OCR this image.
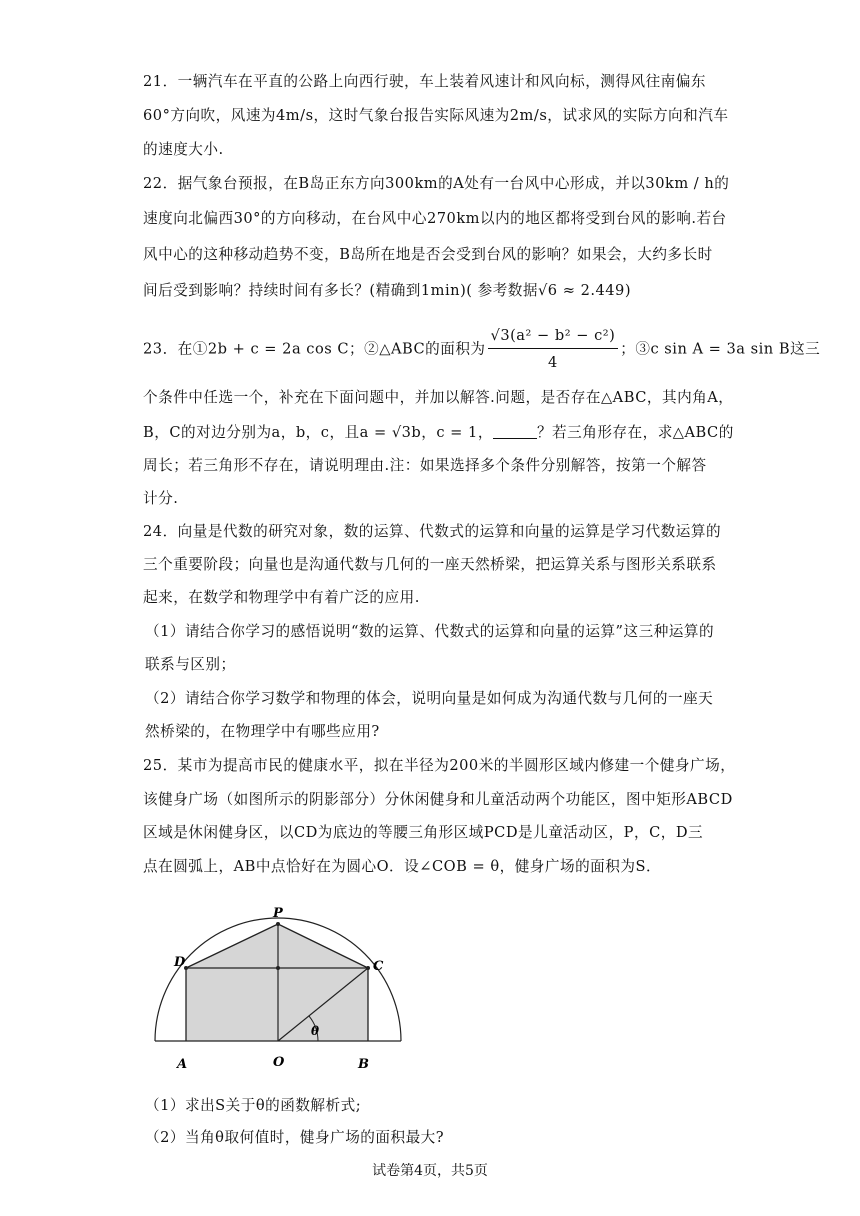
21．一辆汽车在平直的公路上向西行驶，车上装着风速计和风向标，测得风往南偏东
60°方向吹，风速为4m/s，这时气象台报告实际风速为2m/s，试求风的实际方向和汽车
的速度大小.
22．据气象台预报，在B岛正东方向300km的A处有一台风中心形成，并以30km / h的
速度向北偏西30°的方向移动，在台风中心270km以内的地区都将受到台风的影响.若台
风中心的这种移动趋势不变，B岛所在地是否会受到台风的影响？如果会，大约多长时
间后受到影响？持续时间有多长？(精确到1min)( 参考数据√6 ≈ 2.449)
23．在①2b + c = 2a cos C；②△ABC的面积为 $\frac{\text{√3(a² − b² − c²)}}{4}$ ；③c sin A = 3a sin B这三
个条件中任选一个，补充在下面问题中，并加以解答.问题，是否存在△ABC，其内角A，
B，C的对边分别为a，b，c，且a = √3b，c = 1，	？若三角形存在，求△ABC的
周长；若三角形不存在，请说明理由.注：如果选择多个条件分别解答，按第一个解答
计分.
24．向量是代数的研究对象，数的运算、代数式的运算和向量的运算是学习代数运算的
三个重要阶段；向量也是沟通代数与几何的一座天然桥梁，把运算关系与图形关系联系
起来，在数学和物理学中有着广泛的应用.
（1）请结合你学习的感悟说明“数的运算、代数式的运算和向量的运算”这三种运算的
联系与区别；
（2）请结合你学习数学和物理的体会，说明向量是如何成为沟通代数与几何的一座天
然桥梁的，在物理学中有哪些应用?
25．某市为提高市民的健康水平，拟在半径为200米的半圆形区域内修建一个健身广场，
该健身广场（如图所示的阴影部分）分休闲健身和儿童活动两个功能区，图中矩形ABCD
区域是休闲健身区，以CD为底边的等腰三角形区域PCD是儿童活动区，P，C，D三
点在圆弧上，AB中点恰好在为圆心O．设∠COB = θ，健身广场的面积为S．
P
D	C
A	O	B
θ
（1）求出S关于θ的函数解析式;
（2）当角θ取何值时，健身广场的面积最大?
试卷第4页，共5页
